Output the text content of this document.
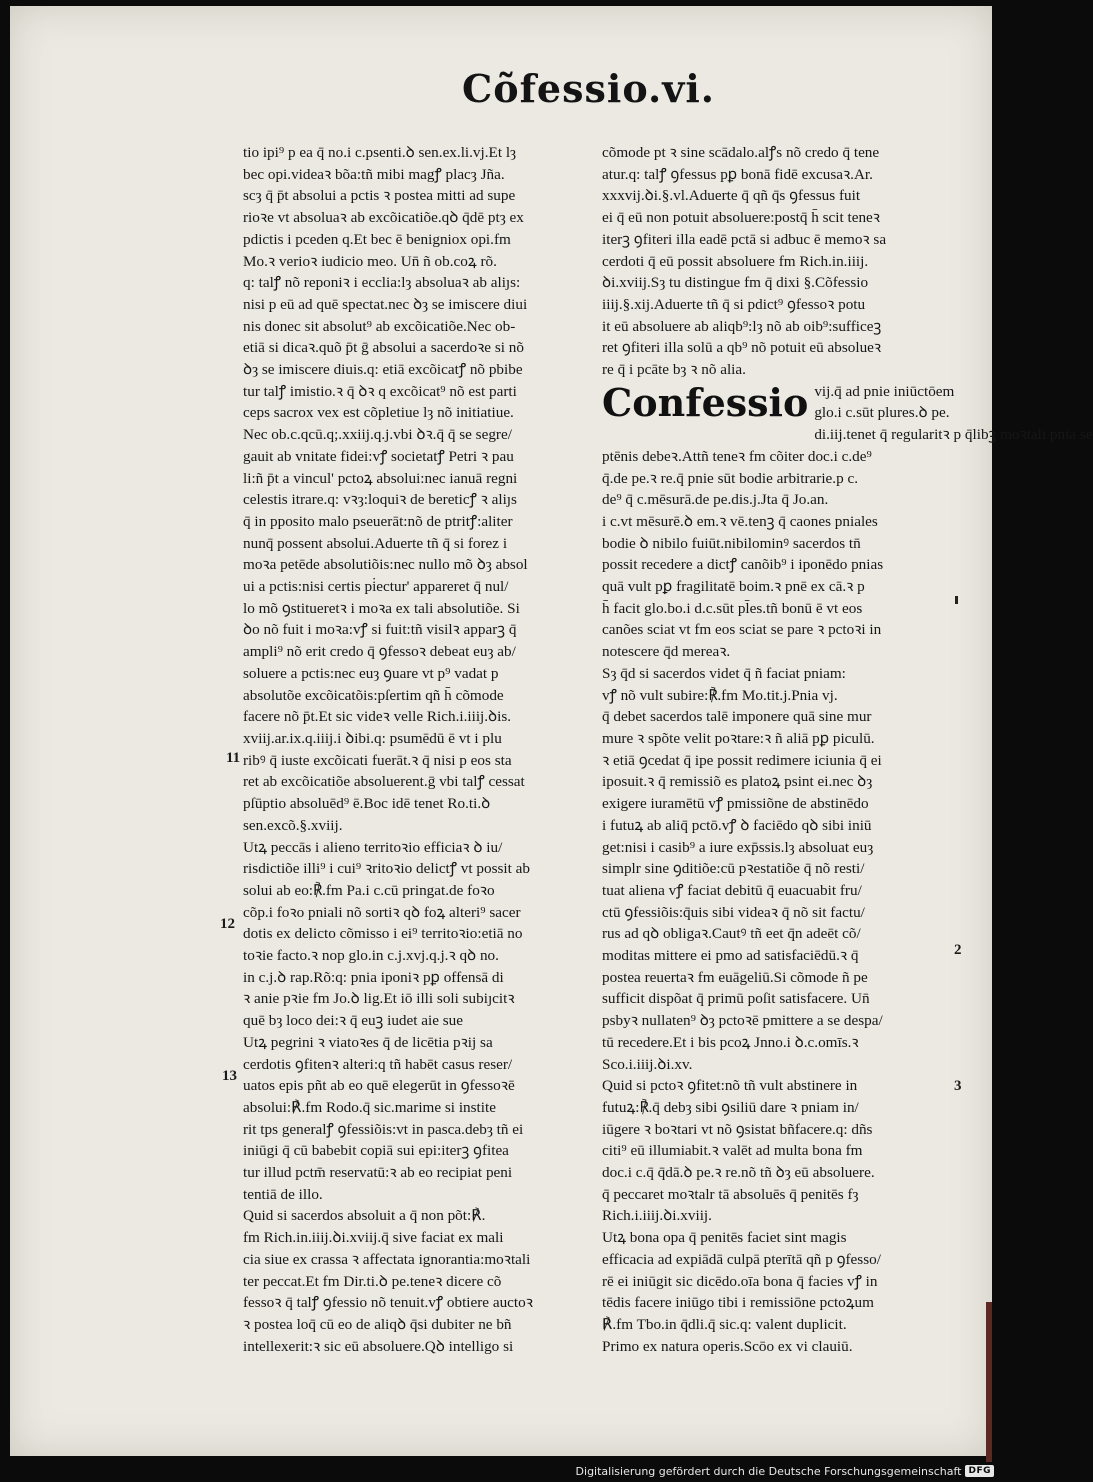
Cõfessio.vi.

tio ipi⁹ p ea q̄ no.i c.psenti.ꝺ sen.ex.li.vj.Et lȝ

bec opi.videaꝛ bõa:tñ mibi magꝭ placȝ Jña.

scȝ q̄ p̄t absolui a pctis ꝛ postea mitti ad supe

rioꝛe vt absoluaꝛ ab excõicatiõe.qꝺ q̄dē ptȝ ex

pdictis i pceden q.Et bec ē benigniox opi.fm

Mo.ꝛ verioꝛ iudicio meo. Un̄ ñ ob.coꝝ rõ.

q: talꝭ nõ reponiꝛ i ecclia:lȝ absoluaꝛ ab aliȷs:

nisi p eū ad quē spectat.nec ꝺȝ se imiscere diui

nis donec sit absolut⁹ ab excõicatiõe.Nec ob-

etiā si dicaꝛ.quõ p̄t ḡ absolui a sacerdoꝛe si nõ

ꝺȝ se imiscere diuis.q: etiā excõicatꝭ nõ pbibe

tur talꝭ imistio.ꝛ q̄ ꝺꝛ q excõicat⁹ nõ est parti

ceps sacrox vex est cõpletiue lȝ nõ initiatiue.

Nec ob.c.qcū.q;.xxiij.q.j.vbi ꝺꝛ.q̄ q̄ se segre/

gauit ab vnitate fidei:vꝭ societatꝭ Petri ꝛ pau

li:ñ p̄t a vincul' pctoꝝ absolui:nec ianuā regni

celestis itrare.q: vꝛȝ:loquiꝛ de bereticꝭ ꝛ aliȷs

q̄ in pposito malo pseuerāt:nõ de ptritꝭ:aliter

nunq̄ possent absolui.Aduerte tñ q̄ si forez i

moꝛa petēde absolutiõis:nec nullo mõ ꝺȝ absol

ui a pctis:nisi certis pi̇ectur' appareret q̄ nul/

lo mõ ꝯstitueretꝛ i moꝛa ex tali absolutiõe. Si

ꝺo nõ fuit i moꝛa:vꝭ si fuit:tñ visilꝛ apparꝫ q̄

ampli⁹ nõ erit credo q̄ ꝯfessoꝛ debeat euȝ ab/

soluere a pctis:nec euȝ ꝯuare vt p⁹ vadat p

absolutõe excõicatõis:pſertim qñ h̄ cõmode

facere nõ p̄t.Et sic videꝛ velle Rich.i.iiij.ꝺis.

xviij.ar.ix.q.iiij.i ꝺibi.q: psumēdū ē vt i plu

ribꝰ q̄ iuste excõicati fuerāt.ꝛ q̄ nisi p eos sta

ret ab excõicatiõe absoluerent.ḡ vbi talꝭ cessat

pſūptio absoluēd⁹ ē.Boc idē tenet Ro.ti.ꝺ

sen.excõ.§.xviij.

Utꝝ peccās i alieno territoꝛio efficiaꝛ ꝺ iu/

risdictiõe illi⁹ i cui⁹ ꝛritoꝛio delictꝭ vt possit ab

solui ab eo:℟.fm Pa.i c.cū pringat.de foꝛo

cõp.i foꝛo pniali nõ sortiꝛ qꝺ foꝝ alteri⁹ sacer

dotis ex delicto cõmisso i ei⁹ territoꝛio:etiā no

toꝛie facto.ꝛ nop glo.in c.j.xvj.q.j.ꝛ qꝺ no.

in c.j.ꝺ rap.Rõ:q: pnia iponiꝛ pꝑ offensā di

ꝛ anie pꝛie fm Jo.ꝺ lig.Et iō illi soli subiȷcitꝛ

quē bȝ loco dei:ꝛ q̄ euꝫ iudet aie sue

Utꝝ pegrini ꝛ viatoꝛes q̄ de licētia pꝛij sa

cerdotis ꝯfitenꝛ alteri:q tñ habēt casus reser/

uatos epis pñt ab eo quē elegerūt in ꝯfessoꝛē

absolui:℟.fm Rodo.q̄ sic.marime si instite

rit tps generalꝭ ꝯfessiõis:vt in pasca.debȝ tñ ei

iniūgi q̄ cū babebit copiā sui epi:iterꝫ ꝯfitea

tur illud pctm̄ reservatū:ꝛ ab eo recipiat peni

tentiā de illo.

Quid si sacerdos absoluit a q̄ non põt:℟.

fm Rich.in.iiij.ꝺi.xviij.q̄ sive faciat ex mali

cia siue ex crassa ꝛ affectata ignorantia:moꝛtali

ter peccat.Et fm Dir.ti.ꝺ pe.teneꝛ dicere cõ

fessoꝛ q̄ talꝭ ꝯfessio nõ tenuit.vꝭ obtiere auctoꝛ

ꝛ postea loq̄ cū eo de aliqꝺ q̄si dubiter ne bñ

intellexerit:ꝛ sic eū absoluere.Qꝺ intelligo si

cõmode pt ꝛ sine scādalo.alꝭs nõ credo q̄ tene

atur.q: talꝭ ꝯfessus pꝑ bonā fidē excusaꝛ.Ar.

xxxvij.ꝺi.§.vl.Aduerte q̄ qñ q̄s ꝯfessus fuit

ei q̄ eū non potuit absoluere:postq̄ h̄ scit teneꝛ

iterꝫ ꝯfiteri illa eadē pctā si adbuc ē memoꝛ sa

cerdoti q̄ eū possit absoluere fm Rich.in.iiij.

ꝺi.xviij.Sȝ tu distingue fm q̄ dixi §.Cõfessio

iiij.§.xij.Aduerte tñ q̄ si pdict⁹ ꝯfessoꝛ potu

it eū absoluere ab aliqb⁹:lȝ nõ ab oib⁹:sufficeꝫ

ret ꝯfiteri illa solū a qb⁹ nõ potuit eū absolueꝛ

re q̄ i pcāte bȝ ꝛ nõ alia.

Confessio vij.q̄ ad pnie iniūctōem

glo.i c.sūt plures.ꝺ pe.

di.iij.tenet q̄ regularitꝛ p q̄libꝫ moꝛtali pnia se

ptēnis debeꝛ.Attñ teneꝛ fm cõiter doc.i c.de⁹

q̄.de pe.ꝛ re.q̄ pnie sūt bodie arbitrarie.p c.

de⁹ q̄ c.mēsurā.de pe.dis.j.Jta q̄ Jo.an.

i c.vt mēsurē.ꝺ em.ꝛ vē.tenꝫ q̄ caones pniales

bodie ꝺ nibilo fuiūt.nibilominꝰ sacerdos tn̄

possit recedere a dictꝭ canõib⁹ i iponēdo pnias

quā vult pꝑ fragilitatē boim.ꝛ pnē ex cā.ꝛ p

h̄ facit glo.bo.i d.c.sūt pl̄es.tñ bonū ē vt eos

canões sciat vt fm eos sciat se pare ꝛ pctoꝛi in

notescere q̄d mereaꝛ.

Sȝ q̄d si sacerdos videt q̄ ñ faciat pniam:

vꝭ nõ vult subire:℟.fm Mo.tit.j.Pnia vj.

q̄ debet sacerdos talē imponere quā sine mur

mure ꝛ spõte velit poꝛtare:ꝛ ñ aliā pꝑ piculū.

ꝛ etiā ꝯcedat q̄ ipe possit redimere iciunia q̄ ei

iposuit.ꝛ q̄ remissiõ es platoꝝ psint ei.nec ꝺȝ

exigere iuramētū vꝭ pmissiõne de abstinēdo

i futuꝝ ab aliq̄ pctō.vꝭ ꝺ faciēdo qꝺ sibi iniū

get:nisi i casib⁹ a iure exp̄ssis.lȝ absoluat euȝ

simplr sine ꝯditiõe:cū pꝛestatiõe q̄ nõ resti/

tuat aliena vꝭ faciat debitū q̄ euacuabit fru/

ctū ꝯfessiõis:q̄uis sibi videaꝛ q̄ nõ sit factu/

rus ad qꝺ obligaꝛ.Cautꝰ tñ eet q̄n adeēt cõ/

moditas mittere ei pmo ad satisfaciēdū.ꝛ q̄

postea reuertaꝛ fm euāgeliū.Si cõmode ñ pe

sufficit dispõat q̄ primū poſit satisfacere. Un̄

psbyꝛ nullaten⁹ ꝺȝ pctoꝛē pmittere a se despa/

tū recedere.Et i bis pcoꝝ Jnno.i ꝺ.c.omīs.ꝛ

Sco.i.iiij.ꝺi.xv.

Quid si pctoꝛ ꝯfitet:nõ tñ vult abstinere in

futuꝝ:℟.q̄ debȝ sibi ꝯsiliū dare ꝛ pniam in/

iūgere ꝛ boꝛtari vt nõ ꝯsistat bñfacere.q: dñs

citi⁹ eū illumiabit.ꝛ valēt ad multa bona fm

doc.i c.q̄ q̄dā.ꝺ pe.ꝛ re.nõ tñ ꝺȝ eū absoluere.

q̄ peccaret moꝛtalr tā absoluēs q̄ penitēs fȝ

Rich.i.iiij.ꝺi.xviij.

Utꝝ bona opa q̄ penitēs faciet sint magis

efficacia ad expiādā culpā pterītā qñ p ꝯfesso/

rē ei iniūgit sic dicēdo.oīa bona q̄ facies vꝭ in

tēdis facere iniūgo tibi i remissiōne pctoꝝum

℟.fm Tbo.in q̄dli.q̄ sic.q: valent duplicit.

Primo ex natura operis.Scōo ex vi clauiū.

11
12
13
2
3
Digitalisierung gefördert durch die Deutsche Forschungsgemeinschaft DFG
